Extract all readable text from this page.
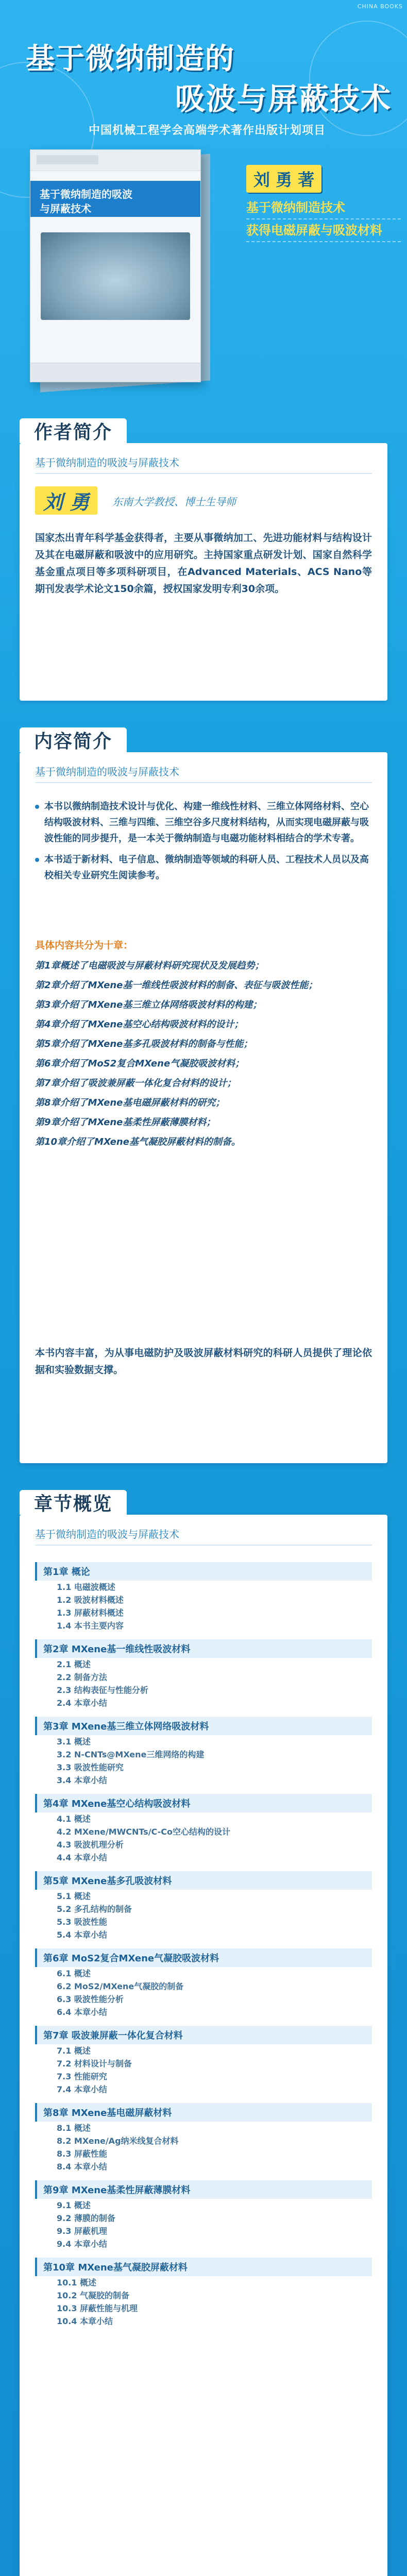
CHINA BOOKS
基于微纳制造的
吸波与屏蔽技术
中国机械工程学会高端学术著作出版计划项目
基于微纳制造的吸波
与屏蔽技术
刘 勇 著
基于微纳制造技术
获得电磁屏蔽与吸波材料
作者简介
基于微纳制造的吸波与屏蔽技术
刘 勇	东南大学教授、博士生导师
国家杰出青年科学基金获得者，主要从事微纳加工、先进功能材料与结构设计及其在电磁屏蔽和吸波中的应用研究。主持国家重点研发计划、国家自然科学基金重点项目等多项科研项目，在Advanced Materials、ACS Nano等期刊发表学术论文150余篇，授权国家发明专利30余项。
内容简介
基于微纳制造的吸波与屏蔽技术
本书以微纳制造技术设计与优化、构建一维线性材料、三维立体网络材料、空心结构吸波材料、三维与四维、三维空谷多尺度材料结构，从而实现电磁屏蔽与吸波性能的同步提升，是一本关于微纳制造与电磁功能材料相结合的学术专著。
本书适于新材料、电子信息、微纳制造等领域的科研人员、工程技术人员以及高校相关专业研究生阅读参考。
具体内容共分为十章：
第1章概述了电磁吸波与屏蔽材料研究现状及发展趋势；
第2章介绍了MXene基一维线性吸波材料的制备、表征与吸波性能；
第3章介绍了MXene基三维立体网络吸波材料的构建；
第4章介绍了MXene基空心结构吸波材料的设计；
第5章介绍了MXene基多孔吸波材料的制备与性能；
第6章介绍了MoS2复合MXene气凝胶吸波材料；
第7章介绍了吸波兼屏蔽一体化复合材料的设计；
第8章介绍了MXene基电磁屏蔽材料的研究；
第9章介绍了MXene基柔性屏蔽薄膜材料；
第10章介绍了MXene基气凝胶屏蔽材料的制备。
本书内容丰富，为从事电磁防护及吸波屏蔽材料研究的科研人员提供了理论依据和实验数据支撑。
章节概览
基于微纳制造的吸波与屏蔽技术
第1章 概论
1.1 电磁波概述
1.2 吸波材料概述
1.3 屏蔽材料概述
1.4 本书主要内容
第2章 MXene基一维线性吸波材料
2.1 概述
2.2 制备方法
2.3 结构表征与性能分析
2.4 本章小结
第3章 MXene基三维立体网络吸波材料
3.1 概述
3.2 N-CNTs@MXene三维网络的构建
3.3 吸波性能研究
3.4 本章小结
第4章 MXene基空心结构吸波材料
4.1 概述
4.2 MXene/MWCNTs/C-Co空心结构的设计
4.3 吸波机理分析
4.4 本章小结
第5章 MXene基多孔吸波材料
5.1 概述
5.2 多孔结构的制备
5.3 吸波性能
5.4 本章小结
第6章 MoS2复合MXene气凝胶吸波材料
6.1 概述
6.2 MoS2/MXene气凝胶的制备
6.3 吸波性能分析
6.4 本章小结
第7章 吸波兼屏蔽一体化复合材料
7.1 概述
7.2 材料设计与制备
7.3 性能研究
7.4 本章小结
第8章 MXene基电磁屏蔽材料
8.1 概述
8.2 MXene/Ag纳米线复合材料
8.3 屏蔽性能
8.4 本章小结
第9章 MXene基柔性屏蔽薄膜材料
9.1 概述
9.2 薄膜的制备
9.3 屏蔽机理
9.4 本章小结
第10章 MXene基气凝胶屏蔽材料
10.1 概述
10.2 气凝胶的制备
10.3 屏蔽性能与机理
10.4 本章小结
